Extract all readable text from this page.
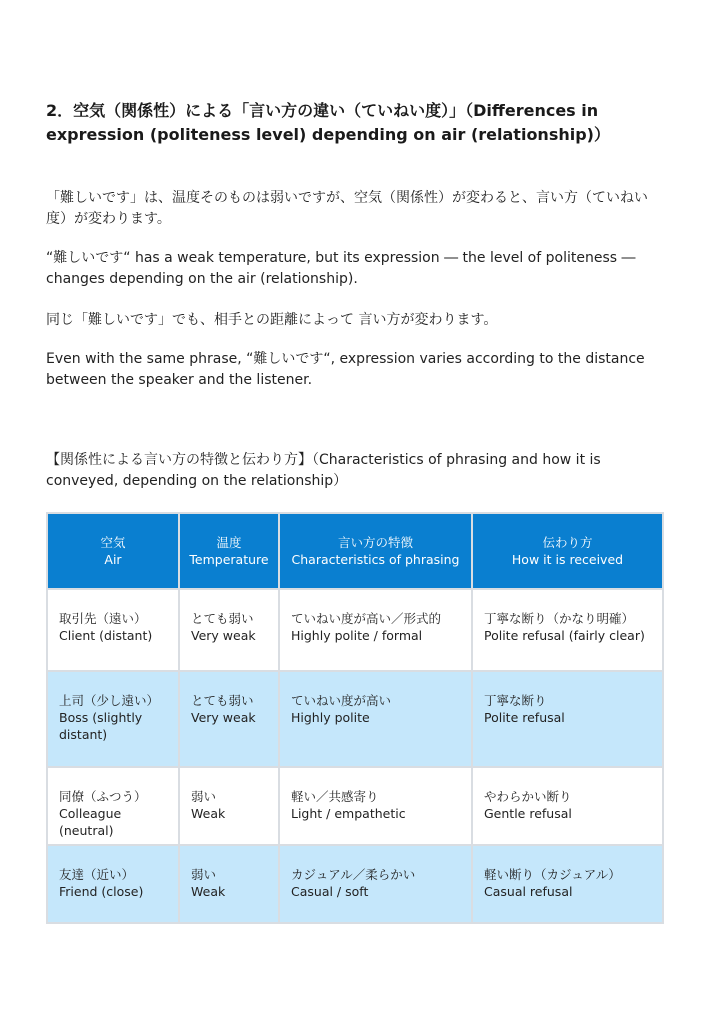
2．空気（関係性）による「言い方の違い（ていねい度）」（Differences in expression (politeness level) depending on air (relationship)）

「難しいです」は、温度そのものは弱いですが、空気（関係性）が変わると、言い方（ていねい度）が変わります。

“難しいです“ has a weak temperature, but its expression ― the level of politeness ― changes depending on the air (relationship).

同じ「難しいです」でも、相手との距離によって 言い方が変わります。

Even with the same phrase, “難しいです“, expression varies according to the distance between the speaker and the listener.

【関係性による言い方の特徴と伝わり方】（Characteristics of phrasing and how it is conveyed, depending on the relationship）

空気
Air	温度
Temperature	言い方の特徴
Characteristics of phrasing	伝わり方
How it is received

取引先（遠い）
Client (distant)	とても弱い
Very weak	ていねい度が高い／形式的
Highly polite / formal	丁寧な断り（かなり明確）
Polite refusal (fairly clear)

上司（少し遠い）
Boss (slightly distant)	とても弱い
Very weak	ていねい度が高い
Highly polite	丁寧な断り
Polite refusal

同僚（ふつう）
Colleague (neutral)	弱い
Weak	軽い／共感寄り
Light / empathetic	やわらかい断り
Gentle refusal

友達（近い）
Friend (close)	弱い
Weak	カジュアル／柔らかい
Casual / soft	軽い断り（カジュアル）
Casual refusal
